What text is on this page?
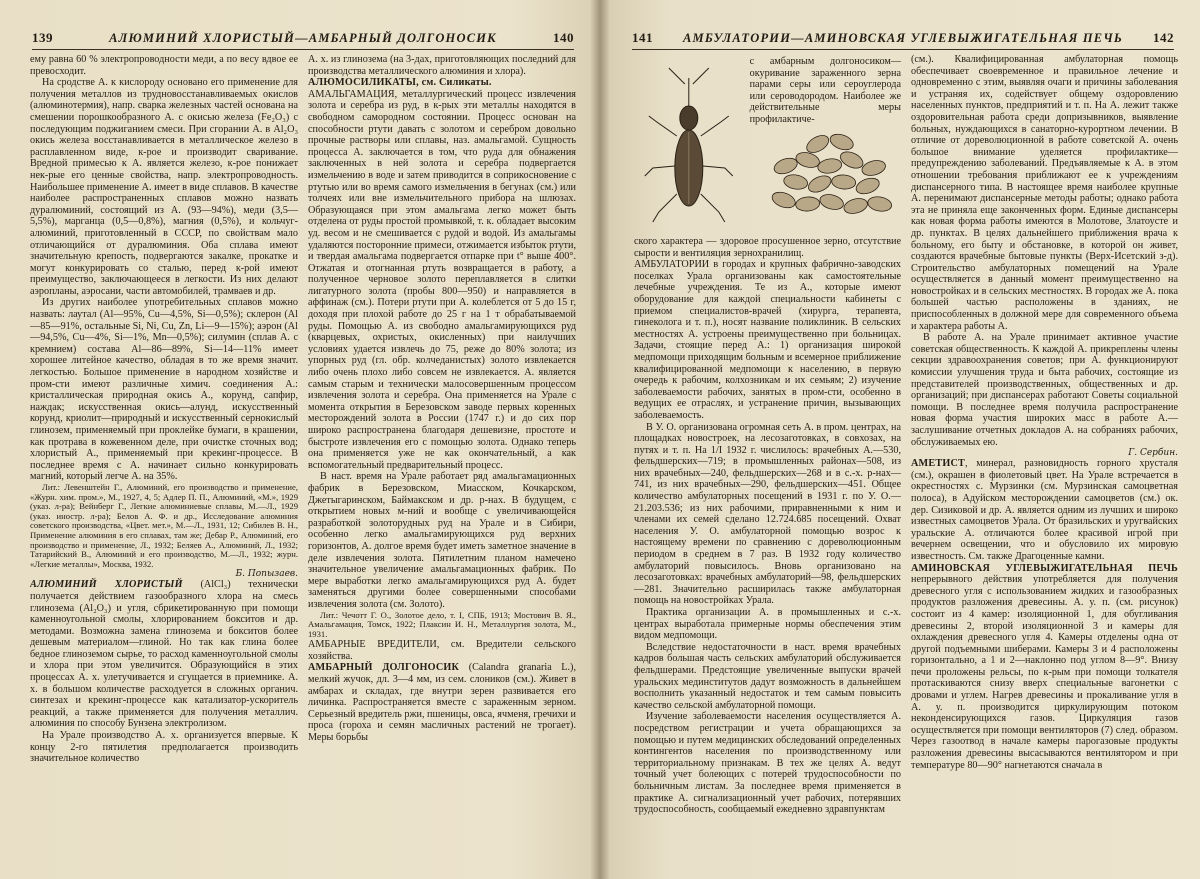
139	АЛЮМИНИЙ ХЛОРИСТЫЙ—АМБАРНЫЙ ДОЛГОНОСИК	140

ему равна 60 % электропроводности меди, а по весу вдвое ее превосходит.

На сродстве А. к кислороду основано его применение для получения металлов из трудновосстанавливаемых окислов (алюминотермия), напр. сварка железных частей основана на смешении порошкообразного А. с окисью железа (Fe₂O₃) с последующим поджиганием смеси. При сгорании А. в Al₂O₃ окись железа восстанавливается в металлическое железо в расплавленном виде, к-рое и производит сваривание. Вредной примесью к А. является железо, к-рое понижает нек-рые его ценные свойства, напр. электропроводность. Наибольшее применение А. имеет в виде сплавов. В качестве наиболее распространенных сплавов можно назвать дуралюминий, состоящий из А. (93—94%), меди (3,5—5,5%), марганца (0,5—0,8%), магния (0,5%), и кольчуг-алюминий, приготовленный в СССР, по свойствам мало отличающийся от дуралюминия. Оба сплава имеют значительную крепость, подвергаются закалке, прокатке и могут конкурировать со сталью, перед к-рой имеют преимущество, заключающееся в легкости. Из них делают аэропланы, аэросани, части автомобилей, трамваев и др.

Из других наиболее употребительных сплавов можно назвать: лаутал (Al—95%, Cu—4,5%, Si—0,5%); склерон (Al—85—91%, остальные Si, Ni, Cu, Zn, Li—9—15%); аэрон (Al—94,5%, Cu—4%, Si—1%, Mn—0,5%); силумин (сплав А. с кремнием) состава Al—86—89%, Si—14—11% имеет хорошее литейное качество, обладая в то же время значит. легкостью. Большое применение в народном хозяйстве и пром-сти имеют различные химич. соединения А.: кристаллическая природная окись А., корунд, сапфир, наждак; искусственная окись—алунд, искусственный корунд, криолит—природный и искусственный сернокислый глинозем, применяемый при проклейке бумаги, в крашении, как протрава в кожевенном деле, при очистке сточных вод; хлористый А., применяемый при крекинг-процессе. В последнее время с А. начинает сильно конкурировать магний, который легче А. на 35%.

Лит.: Левенштейн Г., Алюминий, его производство и применение, «Журн. хим. пром.», М., 1927, 4, 5; Адлер П. П., Алюминий, «М.», 1929 (указ. л-ра); Вейнберг Г., Легкие алюминиевые сплавы, М.—Л., 1929 (указ. иностр. л-ра); Белов А. Ф. и др., Исследование алюминия советского производства, «Цвет. мет.», М.—Л., 1931, 12; Сибилев В. Н., Применение алюминия в его сплавах, там же; Дебар Р., Алюминий, его производство и применение, Л., 1932; Беляев А., Алюминий, Л., 1932; Татарийский В., Алюминий и его производство, М.—Л., 1932; журн. «Легкие металлы», Москва, 1932.

Б. Попызаев.

АЛЮМИНИЙ ХЛОРИСТЫЙ (AlCl₃) технически получается действием газообразного хлора на смесь глинозема (Al₂O₃) и угля, сбрикетированную при помощи каменноугольной смолы, хлорированием бокситов и др. методами. Возможна замена глинозема и бокситов более дешевым материалом—глиной. Но так как глина более бедное глиноземом сырье, то расход каменноугольной смолы и хлора при этом увеличится. Образующийся в этих процессах А. х. улетучивается и сгущается в приемнике. А. х. в большом количестве расходуется в сложных органич. синтезах и крекинг-процессе как катализатор-ускоритель реакций, а также применяется для получения металлич. алюминия по способу Бунзена электролизом.

На Урале производство А. х. организуется впервые. К концу 2-го пятилетия предполагается производить значительное количество

А. х. из глинозема (на 3-дах, приготовляющих последний для производства металлического алюминия и хлора).

АЛЮМОСИЛИКАТЫ, см. Силикаты.

АМАЛЬГАМАЦИЯ, металлургический процесс извлечения золота и серебра из руд, в к-рых эти металлы находятся в свободном самородном состоянии. Процесс основан на способности ртути давать с золотом и серебром довольно прочные растворы или сплавы, наз. амальгамой. Сущность процесса А. заключается в том, что руда для обнажения заключенных в ней золота и серебра подвергается измельчению в воде и затем приводится в соприкосновение с ртутью или во время самого измельчения в бегунах (см.) или толчеях или вне измельчительного прибора на шлюзах. Образующаяся при этом амальгама легко может быть отделена от руды простой промывкой, т. к. обладает высоким уд. весом и не смешивается с рудой и водой. Из амальгамы удаляются посторонние примеси, отжимается избыток ртути, и твердая амальгама подвергается отпарке при t° выше 400°. Отжатая и отогнанная ртуть возвращается в работу, а полученное черновое золото переплавляется в слитки лигатурного золота (пробы 800—950) и направляется в аффинаж (см.). Потери ртути при А. колеблется от 5 до 15 г, доходя при плохой работе до 25 г на 1 т обрабатываемой руды. Помощью А. из свободно амальгамирующихся руд (кварцевых, охристых, окисленных) при наилучших условиях удается извлечь до 75, реже до 80% золота; из упорных руд (гл. обр. колчеданистых) золото извлекается либо очень плохо либо совсем не извлекается. А. является самым старым и технически малосовершенным процессом извлечения золота и серебра. Она применяется на Урале с момента открытия в Березовском заводе первых коренных месторождений золота в России (1747 г.) и до сих пор широко распространена благодаря дешевизне, простоте и быстроте извлечения его с помощью золота. Однако теперь она применяется уже не как окончательный, а как вспомогательный предварительный процесс.

В наст. время на Урале работает ряд амальгамационных фабрик в Березовском, Миасском, Кочкарском, Джетыгаринском, Баймакском и др. р-нах. В будущем, с открытием новых м-ний и вообще с увеличивающейся разработкой золоторудных руд на Урале и в Сибири, особенно легко амальгамирующихся руд верхних горизонтов, А. долгое время будет иметь заметное значение в деле извлечения золота. Пятилетним планом намечено значительное увеличение амальгамационных фабрик. По мере выработки легко амальгамирующихся руд А. будет заменяться другими более совершенными способами извлечения золота (см. Золото).

Лит.: Чечотт Г. О., Золотое дело, т. I, СПБ, 1913; Мостович В. Я., Амальгамация, Томск, 1922; Плаксин И. Н., Металлургия золота, М., 1931.

АМБАРНЫЕ ВРЕДИТЕЛИ, см. Вредители сельского хозяйства.

АМБАРНЫЙ ДОЛГОНОСИК (Calandra granaria L.), мелкий жучок, дл. 3—4 мм, из сем. слоников (см.). Живет в амбарах и складах, где внутри зерен развивается его личинка. Распространяется вместе с зараженным зерном. Серьезный вредитель ржи, пшеницы, овса, ячменя, гречихи и проса (гороха и семян масличных растений не трогает). Меры борьбы

141 АМБУЛАТОРИИ—АМИНОВСКАЯ УГЛЕВЫЖИГАТЕЛЬНАЯ ПЕЧЬ 142

с амбарным долгоносиком—окуривание зараженного зерна парами серы или сероуглерода или сероводородом. Наиболее же действительные меры профилактиче-

ского характера — здоровое просушенное зерно, отсутствие сырости и вентиляция зернохранилищ.

АМБУЛАТОРИИ в городах и крупных фабрично-заводских поселках Урала организованы как самостоятельные лечебные учреждения. Те из А., которые имеют оборудование для каждой специальности кабинеты с приемом специалистов-врачей (хирурга, терапевта, гинеколога и т. п.), носят название поликлиник. В сельских местностях А. устроены преимущественно при больницах. Задачи, стоящие перед А.: 1) организация широкой медпомощи приходящим больным и всемерное приближение квалифицированной медпомощи к населению, в первую очередь к рабочим, колхозникам и их семьям; 2) изучение заболеваемости рабочих, занятых в пром-сти, особенно в ведущих ее отраслях, и устранение причин, вызывающих заболеваемость.

В У. О. организована огромная сеть А. в пром. центрах, на площадках новостроек, на лесозаготовках, в совхозах, на путях и т. п. На 1/I 1932 г. числилось: врачебных А.—530, фельдшерских—719; в промышленных районах—508, из них врачебных—240, фельдшерских—268 и в с.-х. р-нах—741, из них врачебных—290, фельдшерских—451. Общее количество амбулаторных посещений в 1931 г. по У. О.—21.203.536; из них рабочими, приравненными к ним и членами их семей сделано 12.724.685 посещений. Охват населения У. О. амбулаторной помощью возрос к настоящему времени по сравнению с дореволюционным периодом в среднем в 7 раз. В 1932 году количество амбулаторий повысилось. Вновь организовано на лесозаготовках: врачебных амбулаторий—98, фельдшерских—281. Значительно расширилась также амбулаторная помощь на новостройках Урала.

Практика организации А. в промышленных и с.-х. центрах выработала примерные нормы обеспечения этим видом медпомощи.

Вследствие недостаточности в наст. время врачебных кадров большая часть сельских амбулаторий обслуживается фельдшерами. Предстоящие увеличенные выпуски врачей уральских мединститутов дадут возможность в дальнейшем восполнить указанный недостаток и тем самым повысить качество сельской амбулаторной помощи.

Изучение заболеваемости населения осуществляется А. посредством регистрации и учета обращающихся за помощью и путем медицинских обследований определенных контингентов населения по производственному или территориальному признакам. В тех же целях А. ведут точный учет болеющих с потерей трудоспособности по больничным листам. За последнее время применяется в практике А. сигнализационный учет рабочих, потерявших трудоспособность, сообщаемый ежедневно здравпунктам

(см.). Квалифицированная амбулаторная помощь обеспечивает своевременное и правильное лечение и одновременно с этим, выявляя очаги и причины заболевания и устраняя их, содействует общему оздоровлению населенных пунктов, предприятий и т. п. На А. лежит также оздоровительная работа среди допризывников, выявление больных, нуждающихся в санаторно-курортном лечении. В отличие от дореволюционной в работе советской А. очень большое внимание уделяется профилактике—предупреждению заболеваний. Предъявляемые к А. в этом отношении требования приближают ее к учреждениям диспансерного типа. В настоящее время наиболее крупные А. перенимают диспансерные методы работы; однако работа эта не приняла еще законченных форм. Единые диспансеры как новая форма работы имеются в Молотове, Златоусте и др. пунктах. В целях дальнейшего приближения врача к больному, его быту и обстановке, в которой он живет, создаются врачебные бытовые пункты (Верх-Исетский з-д). Строительство амбулаторных помещений на Урале осуществляется в данный момент преимущественно на новостройках и в сельских местностях. В городах же А. пока большей частью расположены в зданиях, не приспособленных в должной мере для современного объема и характера работы А.

В работе А. на Урале принимает активное участие советская общественность. К каждой А. прикреплены члены секции здравоохранения советов; при А. функционируют комиссии улучшения труда и быта рабочих, состоящие из представителей производственных, общественных и др. организаций; при диспансерах работают Советы социальной помощи. В последнее время получила распространение новая форма участия широких масс в работе А.—заслушивание отчетных докладов А. на собраниях рабочих, обслуживаемых ею.

Г. Сербин.

АМЕТИСТ, минерал, разновидность горного хрусталя (см.), окрашен в фиолетовый цвет. На Урале встречается в окрестностях с. Мурзинки (см. Мурзинская самоцветная полоса), в Адуйском месторождении самоцветов (см.) ок. дер. Сизиковой и др. А. является одним из лучших и широко известных самоцветов Урала. От бразильских и уругвайских уральские А. отличаются более красивой игрой при вечернем освещении, что и обусловило их мировую известность. См. также Драгоценные камни.

АМИНОВСКАЯ УГЛЕВЫЖИГАТЕЛЬНАЯ ПЕЧЬ непрерывного действия употребляется для получения древесного угля с использованием жидких и газообразных продуктов разложения древесины. А. у. п. (см. рисунок) состоит из 4 камер: изоляционной 1, для обугливания древесины 2, второй изоляционной 3 и камеры для охлаждения древесного угля 4. Камеры отделены одна от другой подъемными шиберами. Камеры 3 и 4 расположены горизонтально, а 1 и 2—наклонно под углом 8—9°. Внизу печи проложены рельсы, по к-рым при помощи толкателя протаскиваются снизу вверх специальные вагонетки с дровами и углем. Нагрев древесины и прокаливание угля в А. у. п. производится циркулирующим потоком неконденсирующихся газов. Циркуляция газов осуществляется при помощи вентиляторов (7) след. образом. Через газоотвод в начале камеры парогазовые продукты разложения древесины высасываются вентилятором и при температуре 80—90° нагнетаются сначала в
